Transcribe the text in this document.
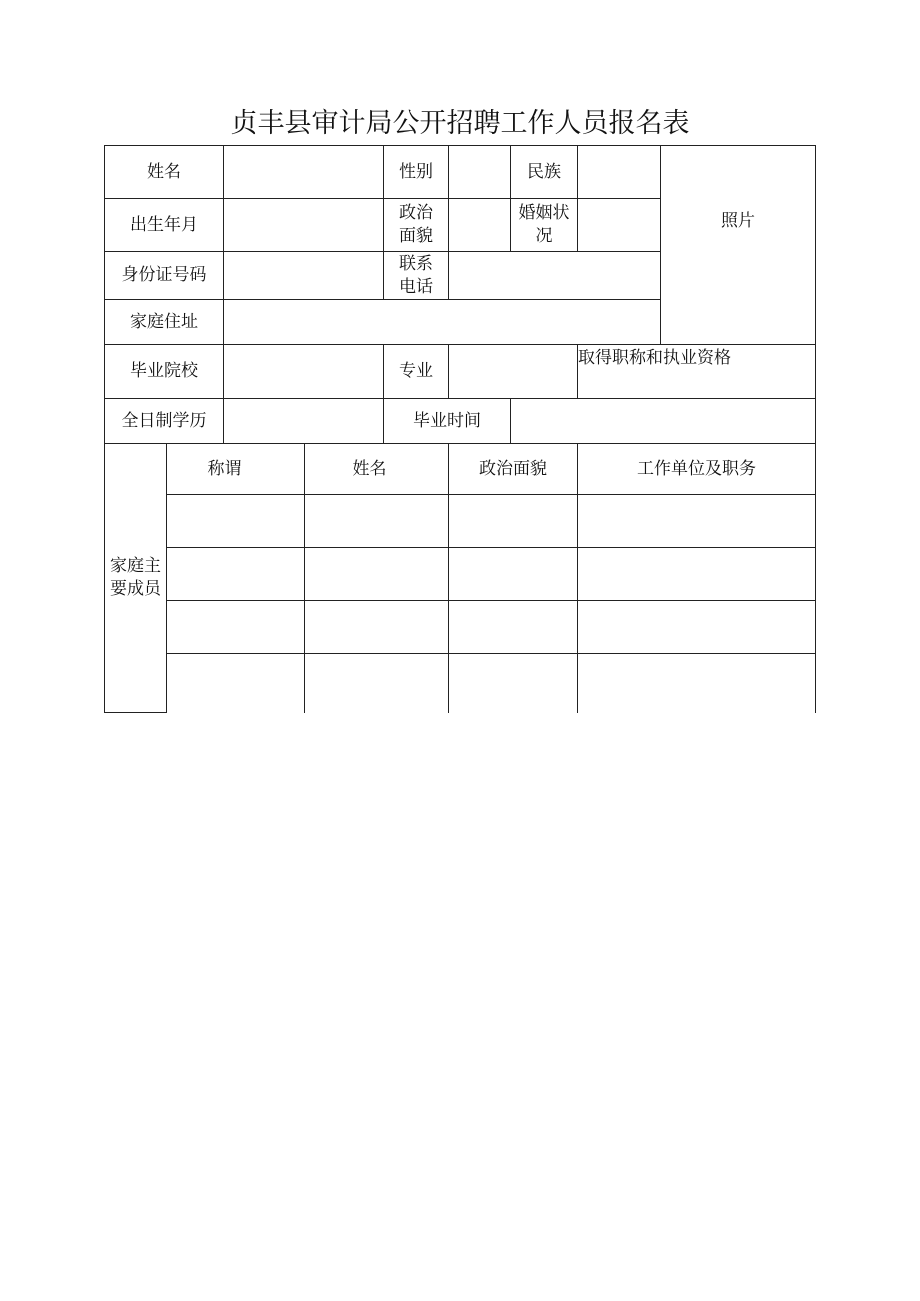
贞丰县审计局公开招聘工作人员报名表
姓名				性别		民族		照片
出生年月				政治面貌		婚姻状况		
身份证号码				联系电话				
家庭住址								
毕业院校				专业			取得职称和执业资格	
全日制学历				毕业时间				
家庭主要成员	称谓		姓名		政治面貌		工作单位及职务	
